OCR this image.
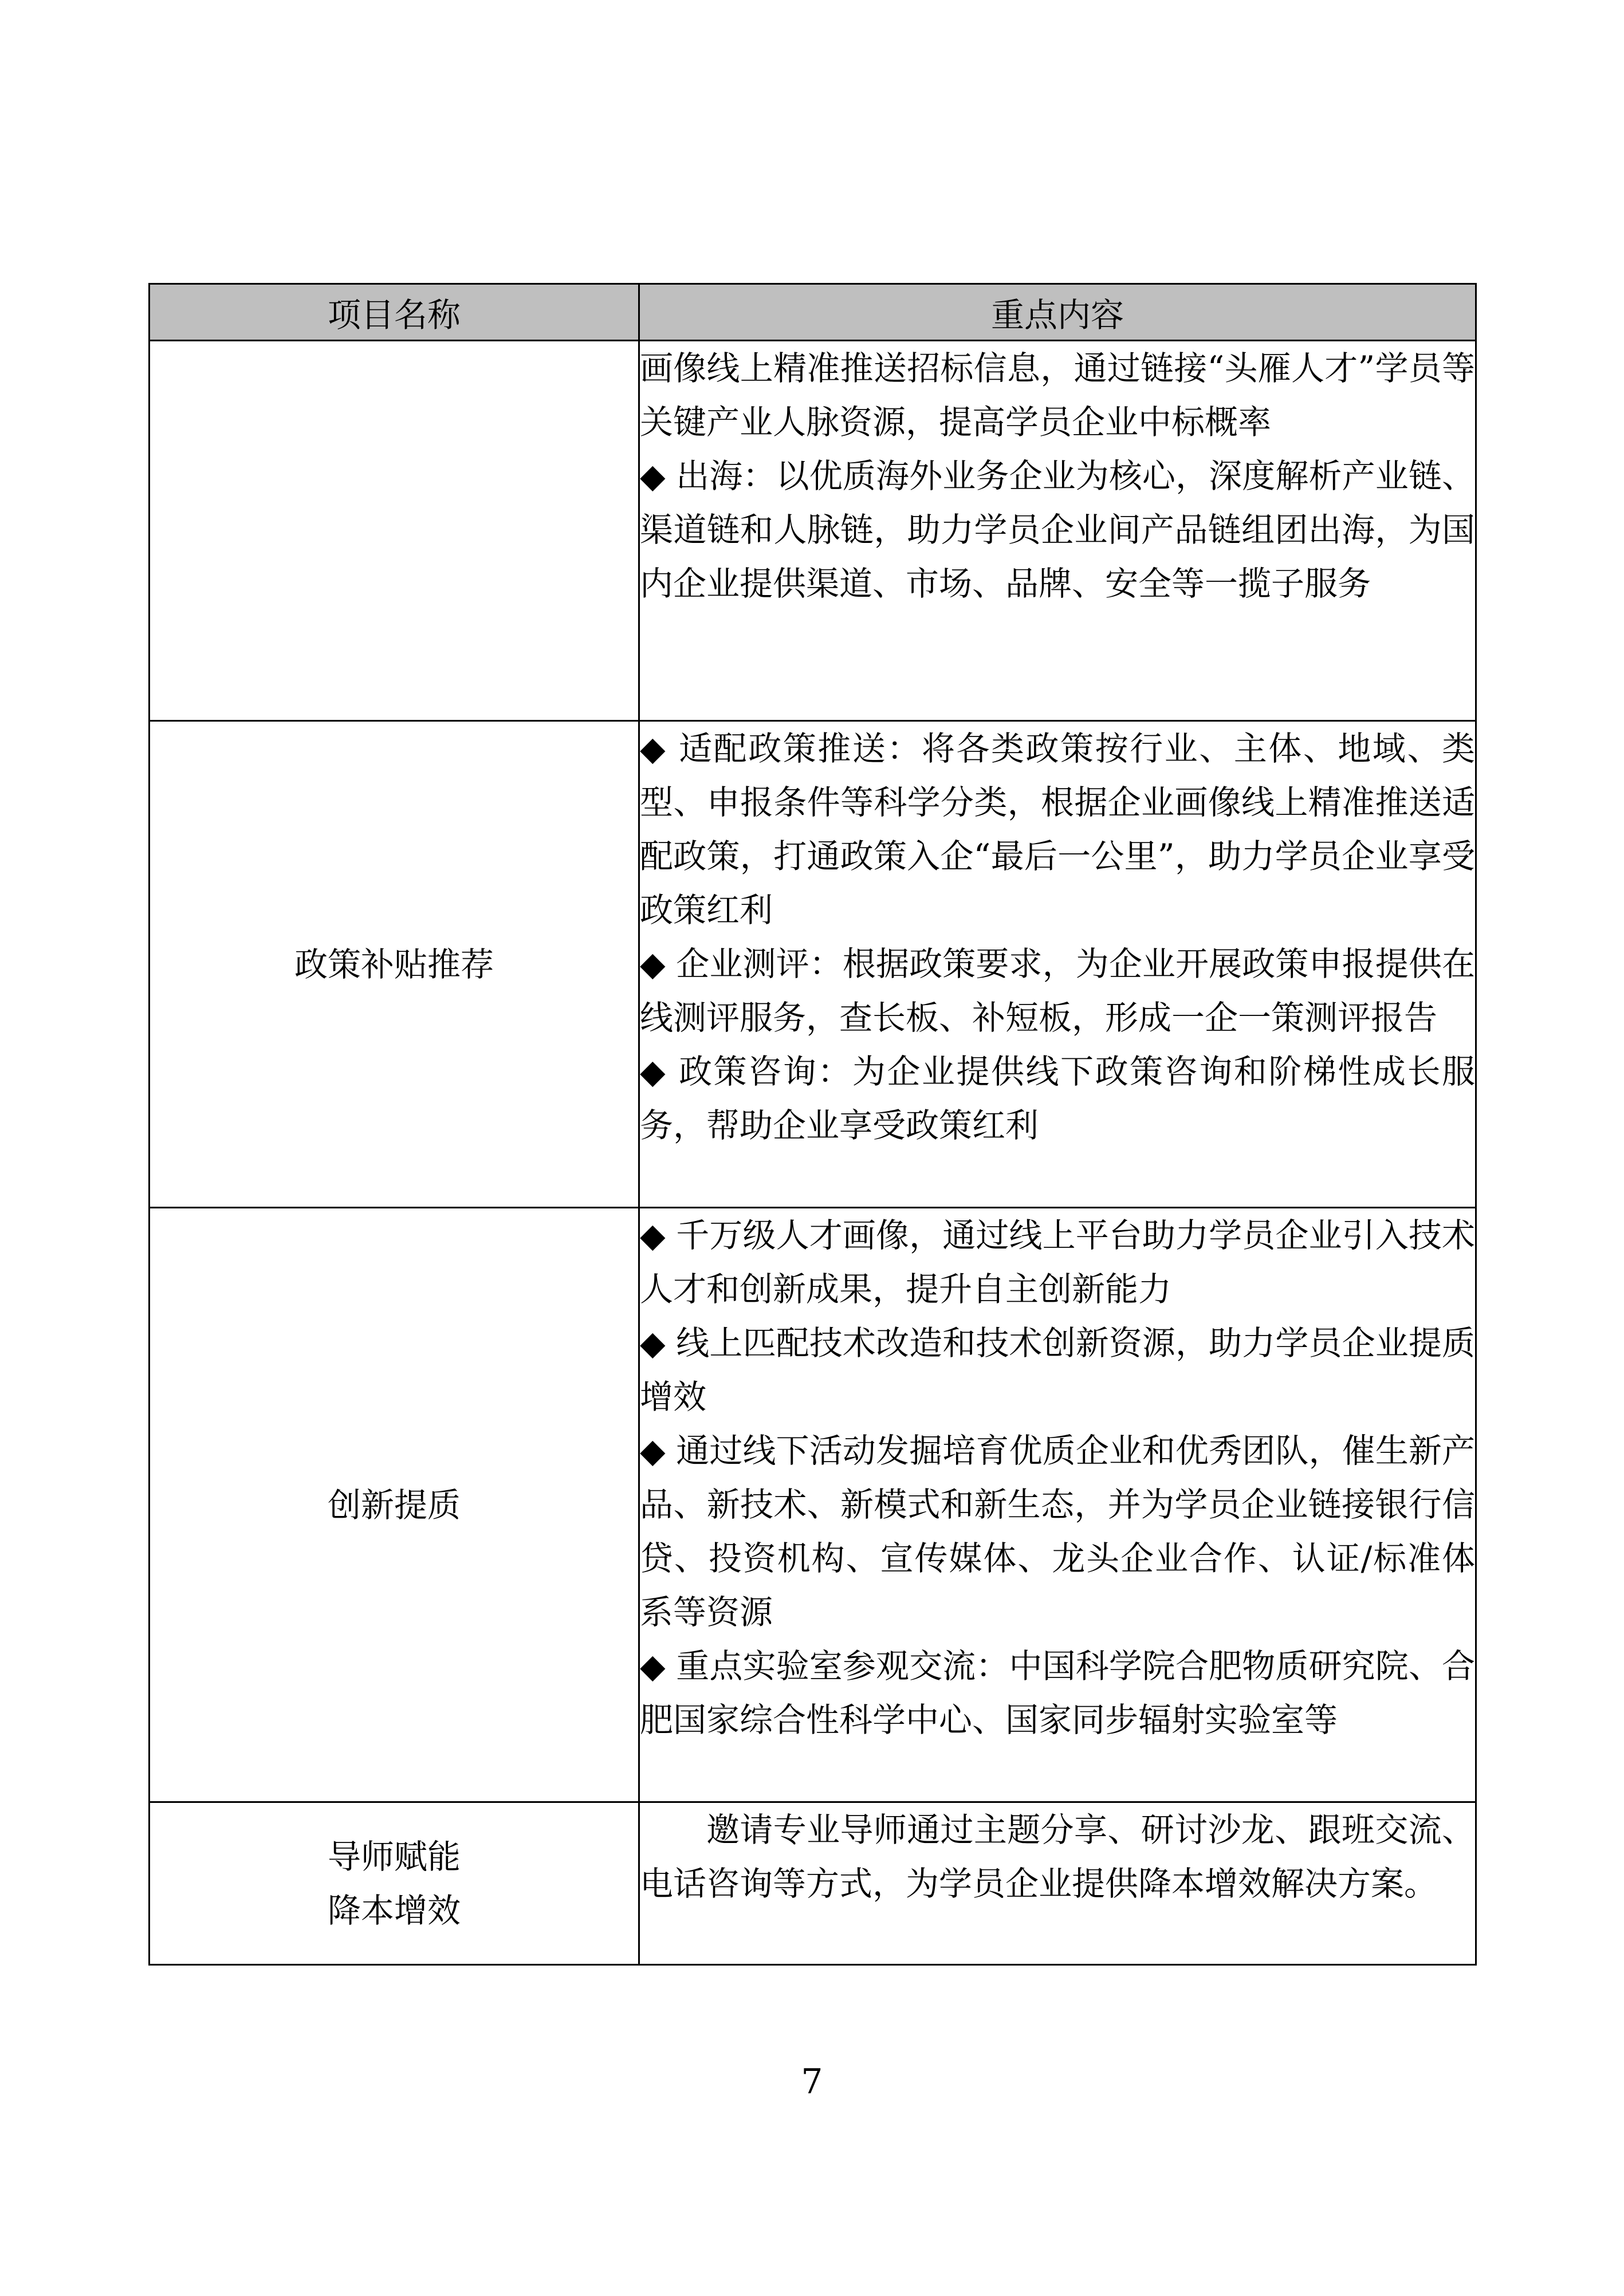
项目名称	重点内容

	画像线上精准推送招标信息，通过链接“头雁人才”学员等关键产业人脉资源，提高学员企业中标概率
◆ 出海：以优质海外业务企业为核心，深度解析产业链、渠道链和人脉链，助力学员企业间产品链组团出海，为国内企业提供渠道、市场、品牌、安全等一揽子服务

政策补贴推荐	◆ 适配政策推送：将各类政策按行业、主体、地域、类型、申报条件等科学分类，根据企业画像线上精准推送适配政策，打通政策入企“最后一公里”，助力学员企业享受政策红利
◆ 企业测评：根据政策要求，为企业开展政策申报提供在线测评服务，查长板、补短板，形成一企一策测评报告
◆ 政策咨询：为企业提供线下政策咨询和阶梯性成长服务，帮助企业享受政策红利

创新提质	◆ 千万级人才画像，通过线上平台助力学员企业引入技术人才和创新成果，提升自主创新能力
◆ 线上匹配技术改造和技术创新资源，助力学员企业提质增效
◆ 通过线下活动发掘培育优质企业和优秀团队，催生新产品、新技术、新模式和新生态，并为学员企业链接银行信贷、投资机构、宣传媒体、龙头企业合作、认证/标准体系等资源
◆ 重点实验室参观交流：中国科学院合肥物质研究院、合肥国家综合性科学中心、国家同步辐射实验室等

导师赋能
降本增效	邀请专业导师通过主题分享、研讨沙龙、跟班交流、电话咨询等方式，为学员企业提供降本增效解决方案。
7
